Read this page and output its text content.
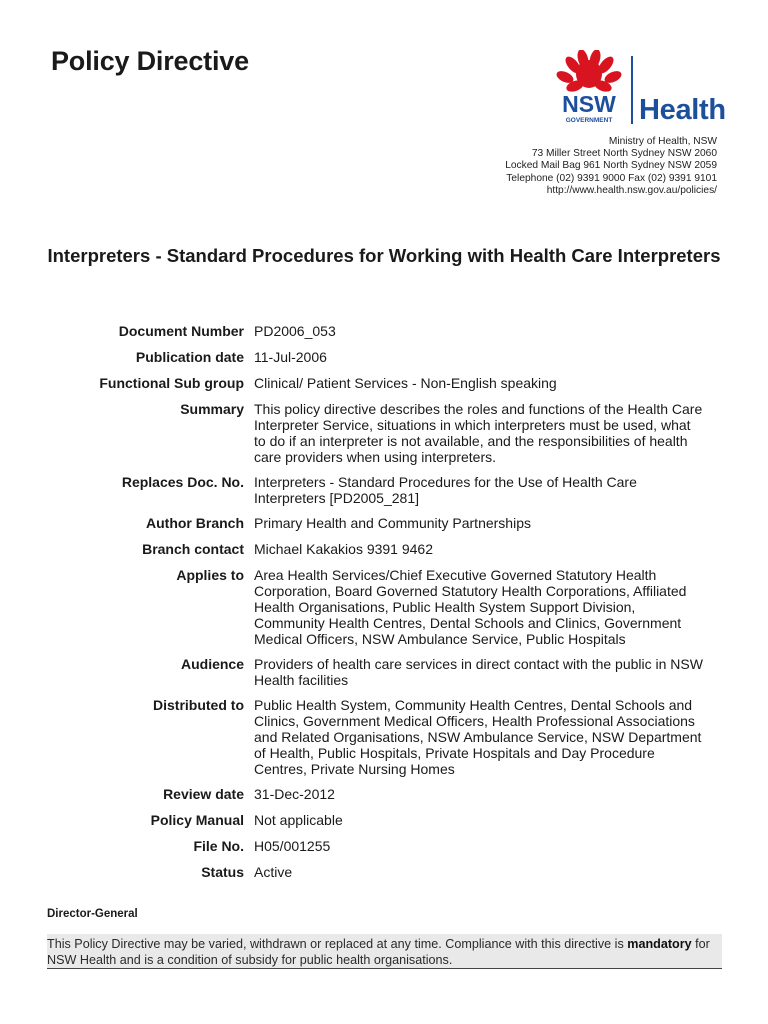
Policy Directive
NSW
GOVERNMENT Health
Ministry of Health, NSW
73 Miller Street North Sydney NSW 2060
Locked Mail Bag 961 North Sydney NSW 2059
Telephone (02) 9391 9000 Fax (02) 9391 9101
http://www.health.nsw.gov.au/policies/
Interpreters - Standard Procedures for Working with Health Care Interpreters
Document Number	PD2006_053
Publication date	11-Jul-2006
Functional Sub group	Clinical/ Patient Services - Non-English speaking
Summary	This policy directive describes the roles and functions of the Health Care Interpreter Service, situations in which interpreters must be used, what to do if an interpreter is not available, and the responsibilities of health care providers when using interpreters.
Replaces Doc. No.	Interpreters - Standard Procedures for the Use of Health Care Interpreters [PD2005_281]
Author Branch	Primary Health and Community Partnerships
Branch contact	Michael Kakakios 9391 9462
Applies to	Area Health Services/Chief Executive Governed Statutory Health Corporation, Board Governed Statutory Health Corporations, Affiliated Health Organisations, Public Health System Support Division, Community Health Centres, Dental Schools and Clinics, Government Medical Officers, NSW Ambulance Service, Public Hospitals
Audience	Providers of health care services in direct contact with the public in NSW Health facilities
Distributed to	Public Health System, Community Health Centres, Dental Schools and Clinics, Government Medical Officers, Health Professional Associations and Related Organisations, NSW Ambulance Service, NSW Department of Health, Public Hospitals, Private Hospitals and Day Procedure Centres, Private Nursing Homes
Review date	31-Dec-2012
Policy Manual	Not applicable
File No.	H05/001255
Status	Active
Director-General
This Policy Directive may be varied, withdrawn or replaced at any time. Compliance with this directive is mandatory for NSW Health and is a condition of subsidy for public health organisations.
